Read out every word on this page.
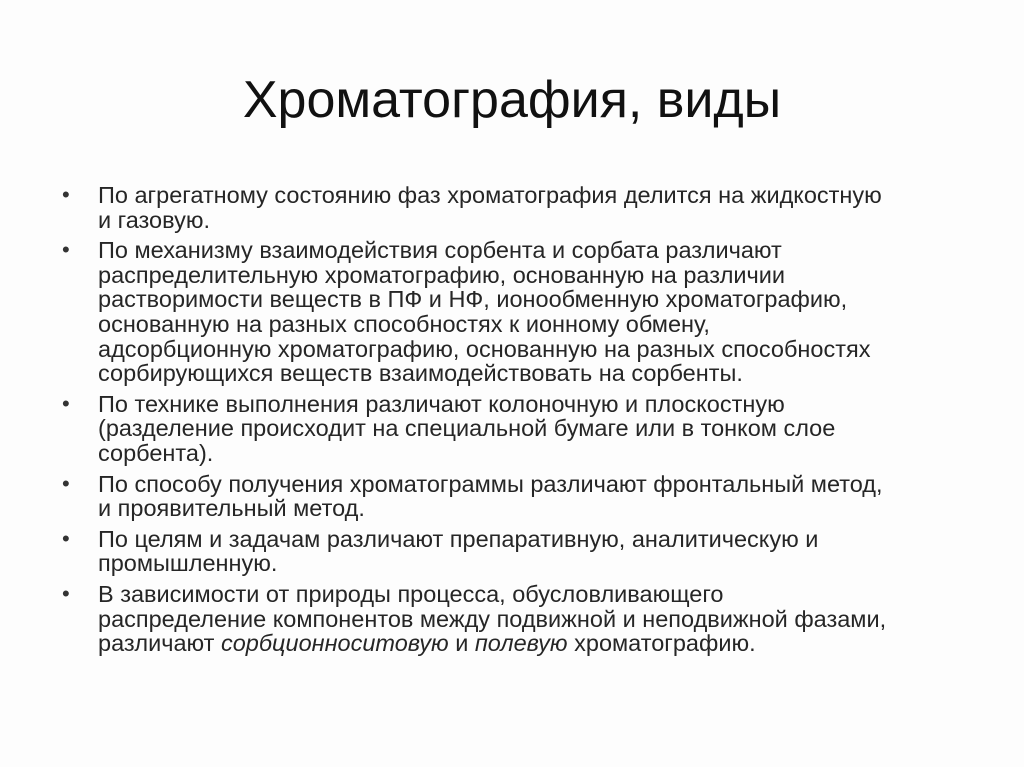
Хроматография, виды
•	По агрегатному состоянию фаз хроматография делится на жидкостную
и газовую.
•	По механизму взаимодействия сорбента и сорбата различают
распределительную хроматографию, основанную на различии
растворимости веществ в ПФ и НФ, ионообменную хроматографию,
основанную на разных способностях к ионному обмену,
адсорбционную хроматографию, основанную на разных способностях
сорбирующихся веществ взаимодействовать на сорбенты.
•	По технике выполнения различают колоночную и плоскостную
(разделение происходит на специальной бумаге или в тонком слое
сорбента).
•	По способу получения хроматограммы различают фронтальный метод,
и проявительный метод.
•	По целям и задачам различают препаративную, аналитическую и
промышленную.
•	В зависимости от природы процесса, обусловливающего
распределение компонентов между подвижной и неподвижной фазами,
различают сорбционноситовую и полевую хроматографию.
